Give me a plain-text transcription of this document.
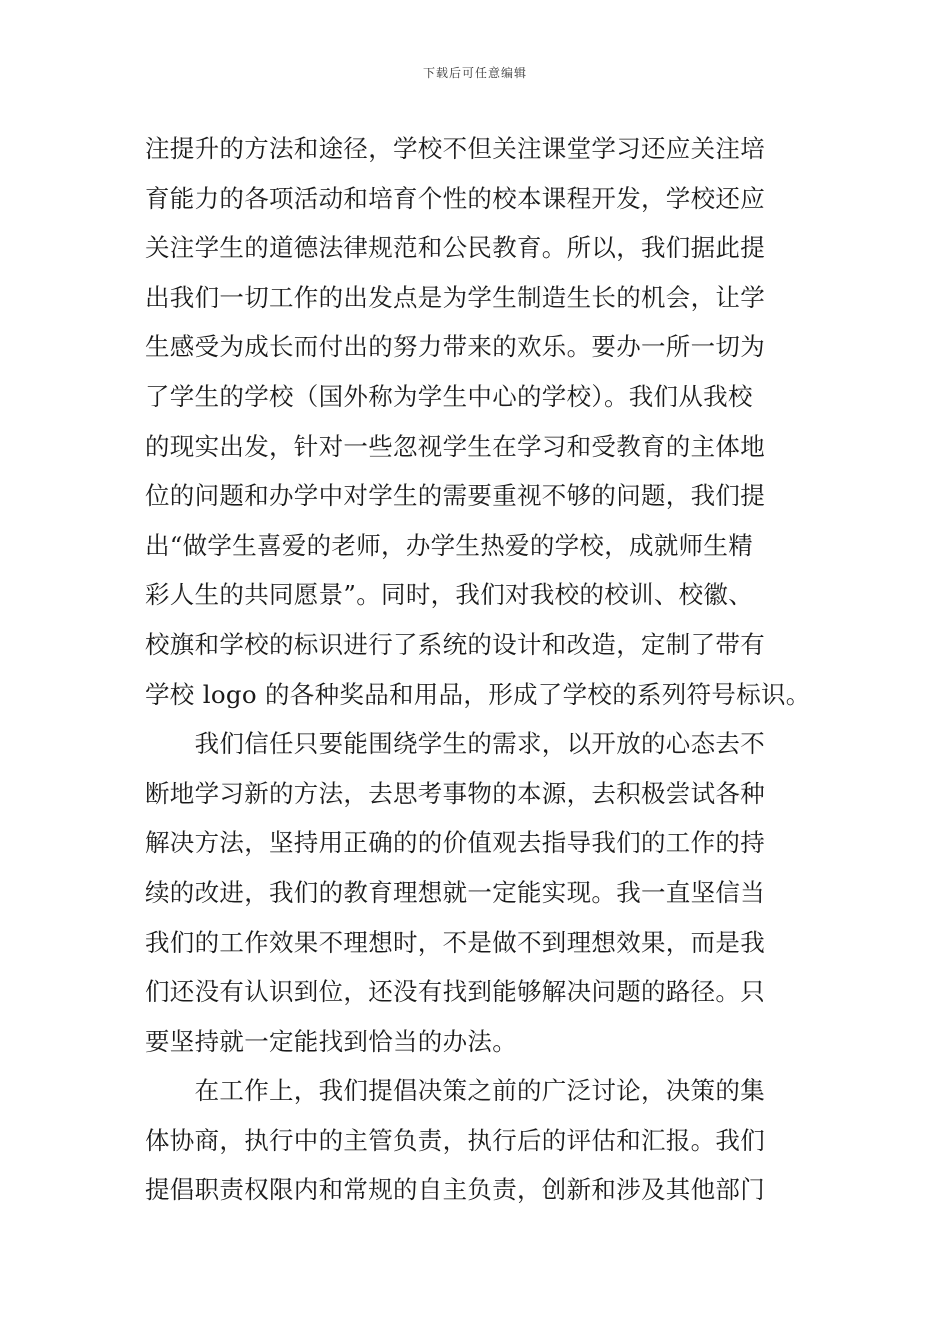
下载后可任意编辑
注提升的方法和途径，学校不但关注课堂学习还应关注培
育能力的各项活动和培育个性的校本课程开发，学校还应
关注学生的道德法律规范和公民教育。所以，我们据此提
出我们一切工作的出发点是为学生制造生长的机会，让学
生感受为成长而付出的努力带来的欢乐。要办一所一切为
了学生的学校（国外称为学生中心的学校）。我们从我校
的现实出发，针对一些忽视学生在学习和受教育的主体地
位的问题和办学中对学生的需要重视不够的问题，我们提
出“做学生喜爱的老师，办学生热爱的学校，成就师生精
彩人生的共同愿景”。同时，我们对我校的校训、校徽、
校旗和学校的标识进行了系统的设计和改造，定制了带有
学校 logo 的各种奖品和用品，形成了学校的系列符号标识。
　　我们信任只要能围绕学生的需求，以开放的心态去不
断地学习新的方法，去思考事物的本源，去积极尝试各种
解决方法，坚持用正确的的价值观去指导我们的工作的持
续的改进，我们的教育理想就一定能实现。我一直坚信当
我们的工作效果不理想时，不是做不到理想效果，而是我
们还没有认识到位，还没有找到能够解决问题的路径。只
要坚持就一定能找到恰当的办法。
　　在工作上，我们提倡决策之前的广泛讨论，决策的集
体协商，执行中的主管负责，执行后的评估和汇报。我们
提倡职责权限内和常规的自主负责，创新和涉及其他部门
